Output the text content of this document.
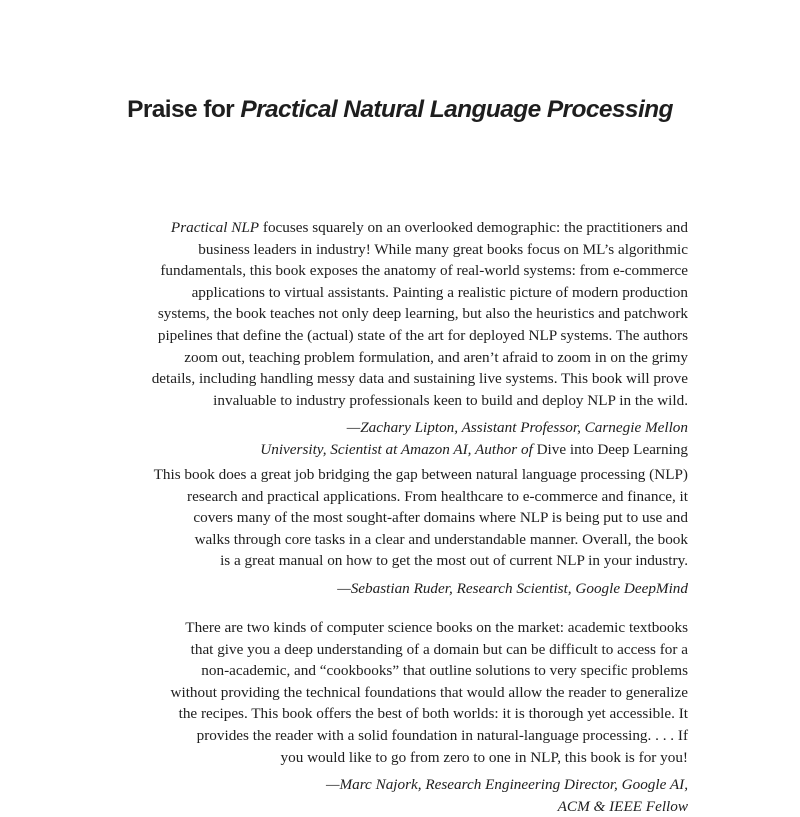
Praise for Practical Natural Language Processing

Practical NLP focuses squarely on an overlooked demographic: the practitioners and
business leaders in industry! While many great books focus on ML’s algorithmic
fundamentals, this book exposes the anatomy of real-world systems: from e-commerce
applications to virtual assistants. Painting a realistic picture of modern production
systems, the book teaches not only deep learning, but also the heuristics and patchwork
pipelines that define the (actual) state of the art for deployed NLP systems. The authors
zoom out, teaching problem formulation, and aren’t afraid to zoom in on the grimy
details, including handling messy data and sustaining live systems. This book will prove
invaluable to industry professionals keen to build and deploy NLP in the wild.

—Zachary Lipton, Assistant Professor, Carnegie Mellon
University, Scientist at Amazon AI, Author of Dive into Deep Learning

This book does a great job bridging the gap between natural language processing (NLP)
research and practical applications. From healthcare to e-commerce and finance, it
covers many of the most sought-after domains where NLP is being put to use and
walks through core tasks in a clear and understandable manner. Overall, the book
is a great manual on how to get the most out of current NLP in your industry.

—Sebastian Ruder, Research Scientist, Google DeepMind

There are two kinds of computer science books on the market: academic textbooks
that give you a deep understanding of a domain but can be difficult to access for a
non-academic, and “cookbooks” that outline solutions to very specific problems
without providing the technical foundations that would allow the reader to generalize
the recipes. This book offers the best of both worlds: it is thorough yet accessible. It
provides the reader with a solid foundation in natural-language processing. . . . If
you would like to go from zero to one in NLP, this book is for you!

—Marc Najork, Research Engineering Director, Google AI,
ACM & IEEE Fellow
